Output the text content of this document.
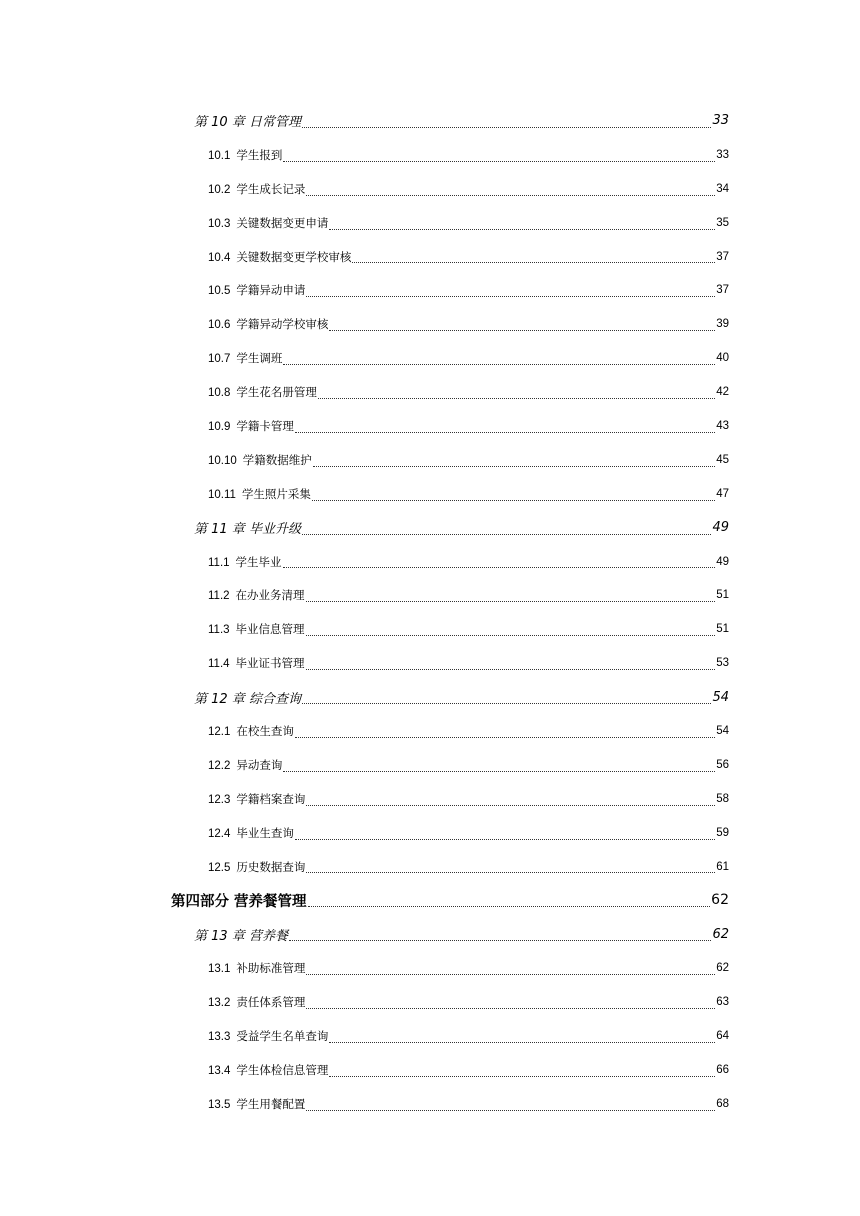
第 10 章 日常管理	33
10.1 学生报到	33
10.2 学生成长记录	34
10.3 关键数据变更申请	35
10.4 关键数据变更学校审核	37
10.5 学籍异动申请	37
10.6 学籍异动学校审核	39
10.7 学生调班	40
10.8 学生花名册管理	42
10.9 学籍卡管理	43
10.10 学籍数据维护	45
10.11 学生照片采集	47
第 11 章 毕业升级	49
11.1 学生毕业	49
11.2 在办业务清理	51
11.3 毕业信息管理	51
11.4 毕业证书管理	53
第 12 章 综合查询	54
12.1 在校生查询	54
12.2 异动查询	56
12.3 学籍档案查询	58
12.4 毕业生查询	59
12.5 历史数据查询	61
第四部分 营养餐管理	62
第 13 章 营养餐	62
13.1 补助标准管理	62
13.2 责任体系管理	63
13.3 受益学生名单查询	64
13.4 学生体检信息管理	66
13.5 学生用餐配置	68
